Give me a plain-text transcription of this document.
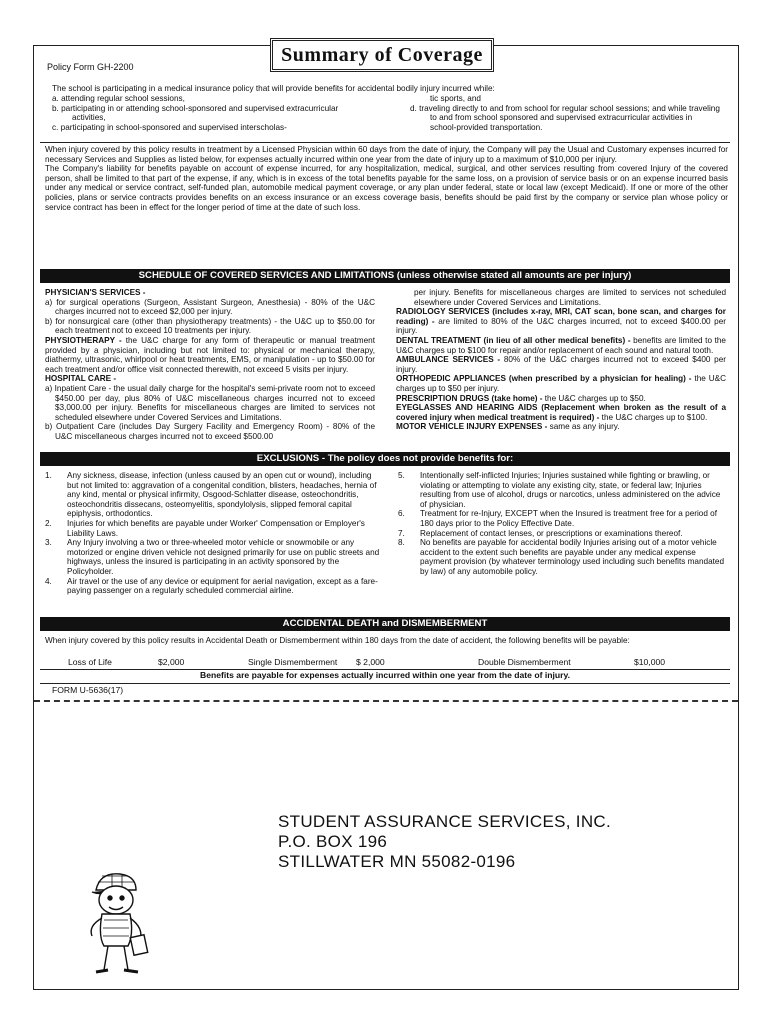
Policy Form GH-2200
Summary of Coverage
The school is participating in a medical insurance policy that will provide benefits for accidental bodily injury incurred while:

a. attending regular school sessions,

b. participating in or attending school-sponsored and supervised extracurricular activities,

c. participating in school-sponsored and supervised interscholas-

tic sports, and

d. traveling directly to and from school for regular school sessions; and while traveling to and from school sponsored and supervised extracurricular activities in school-provided transportation.

When injury covered by this policy results in treatment by a Licensed Physician within 60 days from the date of injury, the Company will pay the Usual and Customary expenses incurred for necessary Services and Supplies as listed below, for expenses actually incurred within one year from the date of injury up to a maximum of $10,000 per injury.

The Company's liability for benefits payable on account of expense incurred, for any hospitalization, medical, surgical, and other services resulting from covered Injury of the covered person, shall be limited to that part of the expense, if any, which is in excess of the total benefits payable for the same loss, on a provision of service basis or on an expense incurred basis under any medical or service contract, self-funded plan, automobile medical payment coverage, or any plan under federal, state or local law (except Medicaid). If one or more of the other policies, plans or service contracts provides benefits on an excess insurance or an excess coverage basis, benefits should be paid first by the company or service plan whose policy or service contract has been in effect for the longer period of time at the date of such loss.

SCHEDULE OF COVERED SERVICES AND LIMITATIONS (unless otherwise stated all amounts are per injury)

PHYSICIAN'S SERVICES -

a) for surgical operations (Surgeon, Assistant Surgeon, Anesthesia) - 80% of the U&C charges incurred not to exceed $2,000 per injury.

b) for nonsurgical care (other than physiotherapy treatments) - the U&C up to $50.00 for each treatment not to exceed 10 treatments per injury.

PHYSIOTHERAPY - the U&C charge for any form of therapeutic or manual treatment provided by a physician, including but not limited to: physical or mechanical therapy, diathermy, ultrasonic, whirlpool or heat treatments, EMS, or manipulation - up to $50.00 for each treatment and/or office visit connected therewith, not exceed 5 visits per injury.

HOSPITAL CARE -

a) Inpatient Care - the usual daily charge for the hospital's semi-private room not to exceed $450.00 per day, plus 80% of U&C miscellaneous charges incurred not to exceed $3,000.00 per injury. Benefits for miscellaneous charges are limited to services not scheduled elsewhere under Covered Services and Limitations.

b) Outpatient Care (includes Day Surgery Facility and Emergency Room) - 80% of the U&C miscellaneous charges incurred not to exceed $500.00

per injury. Benefits for miscellaneous charges are limited to services not scheduled elsewhere under Covered Services and Limitations.

RADIOLOGY SERVICES (includes x-ray, MRI, CAT scan, bone scan, and charges for reading) - are limited to 80% of the U&C charges incurred, not to exceed $400.00 per injury.

DENTAL TREATMENT (in lieu of all other medical benefits) - benefits are limited to the U&C charges up to $100 for repair and/or replacement of each sound and natural tooth.

AMBULANCE SERVICES - 80% of the U&C charges incurred not to exceed $400 per injury.

ORTHOPEDIC APPLIANCES (when prescribed by a physician for healing) - the U&C charges up to $50 per injury.

PRESCRIPTION DRUGS (take home) - the U&C charges up to $50.

EYEGLASSES AND HEARING AIDS (Replacement when broken as the result of a covered injury when medical treatment is required) - the U&C charges up to $100.

MOTOR VEHICLE INJURY EXPENSES - same as any injury.

EXCLUSIONS - The policy does not provide benefits for:
1.	Any sickness, disease, infection (unless caused by an open cut or wound), including but not limited to: aggravation of a congenital condition, blisters, headaches, hernia of any kind, mental or physical infirmity, Osgood-Schlatter disease, osteochondritis, osteochondritis dissecans, osteomyelitis, spondylolysis, slipped femoral capital epiphysis, orthodontics.
2.	Injuries for which benefits are payable under Worker' Compensation or Employer's Liability Laws.
3.	Any Injury involving a two or three-wheeled motor vehicle or snowmobile or any motorized or engine driven vehicle not designed primarily for use on public streets and highways, unless the insured is participating in an activity sponsored by the Policyholder.
4.	Air travel or the use of any device or equipment for aerial navigation, except as a fare-paying passenger on a regularly scheduled commercial airline.
5.	Intentionally self-inflicted Injuries; Injuries sustained while fighting or brawling, or violating or attempting to violate any existing city, state, or federal law; Injuries resulting from use of alcohol, drugs or narcotics, unless administered on the advice of physician.
6.	Treatment for re-Injury, EXCEPT when the Insured is treatment free for a period of 180 days prior to the Policy Effective Date.
7.	Replacement of contact lenses, or prescriptions or examinations thereof.
8.	No benefits are payable for accidental bodily Injuries arising out of a motor vehicle accident to the extent such benefits are payable under any medical expense payment provision (by whatever terminology used including such benefits mandated by law) of any automobile policy.
ACCIDENTAL DEATH and DISMEMBERMENT
When injury covered by this policy results in Accidental Death or Dismemberment within 180 days from the date of accident, the following benefits will be payable:
Loss of Life	$2,000	Single Dismemberment $ 2,000	Double Dismemberment	$10,000
Benefits are payable for expenses actually incurred within one year from the date of injury.
FORM U-5636(17)
STUDENT ASSURANCE SERVICES, INC.
P.O. BOX 196
STILLWATER MN 55082-0196
